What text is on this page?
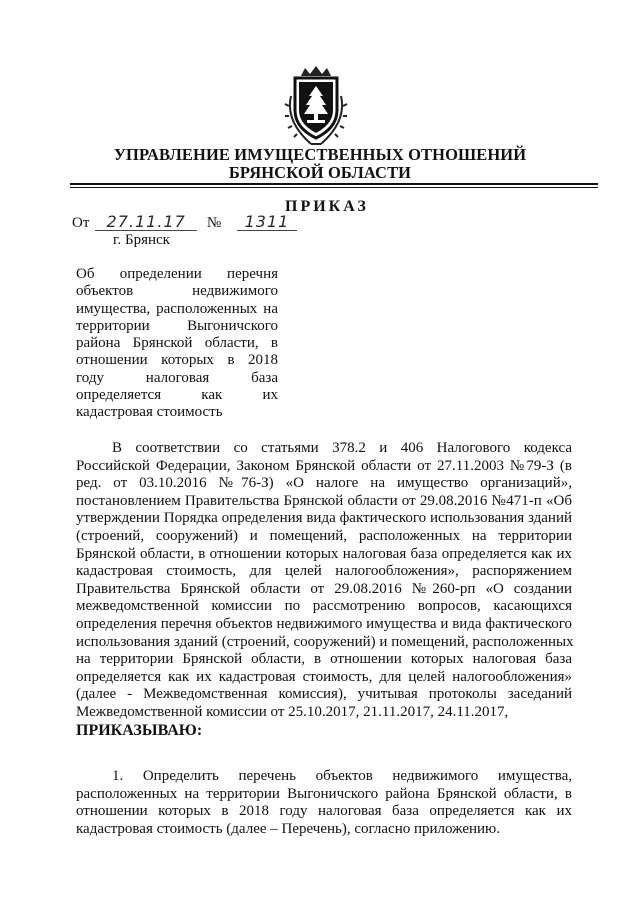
УПРАВЛЕНИЕ ИМУЩЕСТВЕННЫХ ОТНОШЕНИЙ
БРЯНСКОЙ ОБЛАСТИ
ПРИКАЗ
От 27.11.17 № 1311
г. Брянск
Об определении перечня
объектов недвижимого
имущества, расположенных на
территории Выгоничского
района Брянской области, в
отношении которых в 2018
году налоговая база
определяется как их
кадастровая стоимость
В соответствии со статьями 378.2 и 406 Налогового кодекса
Российской Федерации, Законом Брянской области от 27.11.2003 №79-З (в
ред. от 03.10.2016 №76-З) «О налоге на имущество организаций»,
постановлением Правительства Брянской области от 29.08.2016 №471-п «Об
утверждении Порядка определения вида фактического использования зданий
(строений, сооружений) и помещений, расположенных на территории
Брянской области, в отношении которых налоговая база определяется как их
кадастровая стоимость, для целей налогообложения», распоряжением
Правительства Брянской области от 29.08.2016 №260-рп «О создании
межведомственной комиссии по рассмотрению вопросов, касающихся
определения перечня объектов недвижимого имущества и вида фактического
использования зданий (строений, сооружений) и помещений, расположенных
на территории Брянской области, в отношении которых налоговая база
определяется как их кадастровая стоимость, для целей налогообложения»
(далее - Межведомственная комиссия), учитывая протоколы заседаний
Межведомственной комиссии от 25.10.2017, 21.11.2017, 24.11.2017,
ПРИКАЗЫВАЮ:
1. Определить перечень объектов недвижимого имущества,
расположенных на территории Выгоничского района Брянской области, в
отношении которых в 2018 году налоговая база определяется как их
кадастровая стоимость (далее – Перечень), согласно приложению.
